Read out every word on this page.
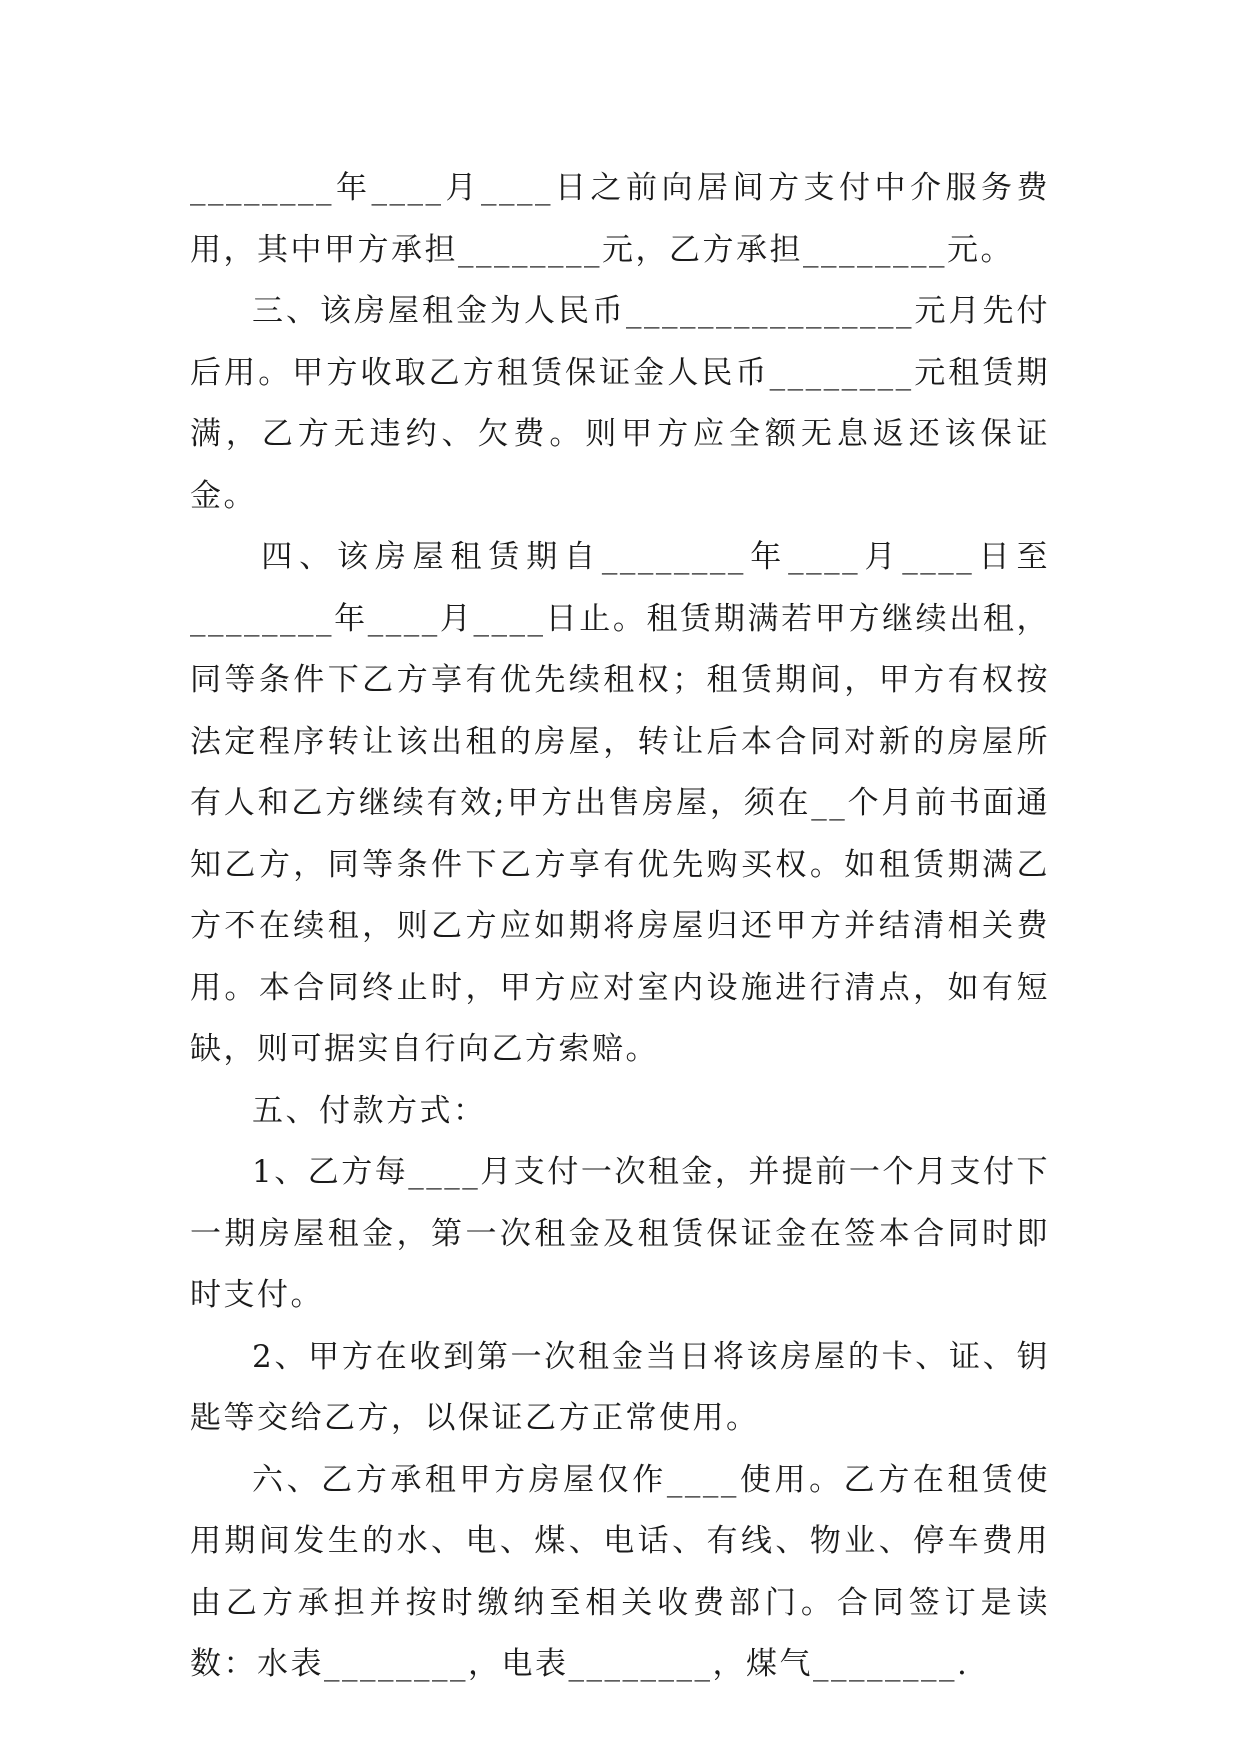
________年____月____日之前向居间方支付中介服务费用，其中甲方承担________元，乙方承担________元。

三、该房屋租金为人民币________________元月先付后用。甲方收取乙方租赁保证金人民币________元租赁期满，乙方无违约、欠费。则甲方应全额无息返还该保证金。

四、该房屋租赁期自________年____月____日至________年____月____日止。租赁期满若甲方继续出租，同等条件下乙方享有优先续租权；租赁期间，甲方有权按法定程序转让该出租的房屋，转让后本合同对新的房屋所有人和乙方继续有效;甲方出售房屋，须在__个月前书面通知乙方，同等条件下乙方享有优先购买权。如租赁期满乙方不在续租，则乙方应如期将房屋归还甲方并结清相关费用。本合同终止时，甲方应对室内设施进行清点，如有短缺，则可据实自行向乙方索赔。

五、付款方式：

1、乙方每____月支付一次租金，并提前一个月支付下一期房屋租金，第一次租金及租赁保证金在签本合同时即时支付。

2、甲方在收到第一次租金当日将该房屋的卡、证、钥匙等交给乙方，以保证乙方正常使用。

六、乙方承租甲方房屋仅作____使用。乙方在租赁使用期间发生的水、电、煤、电话、有线、物业、停车费用由乙方承担并按时缴纳至相关收费部门。合同签订是读数：水表________，电表________，煤气________.
